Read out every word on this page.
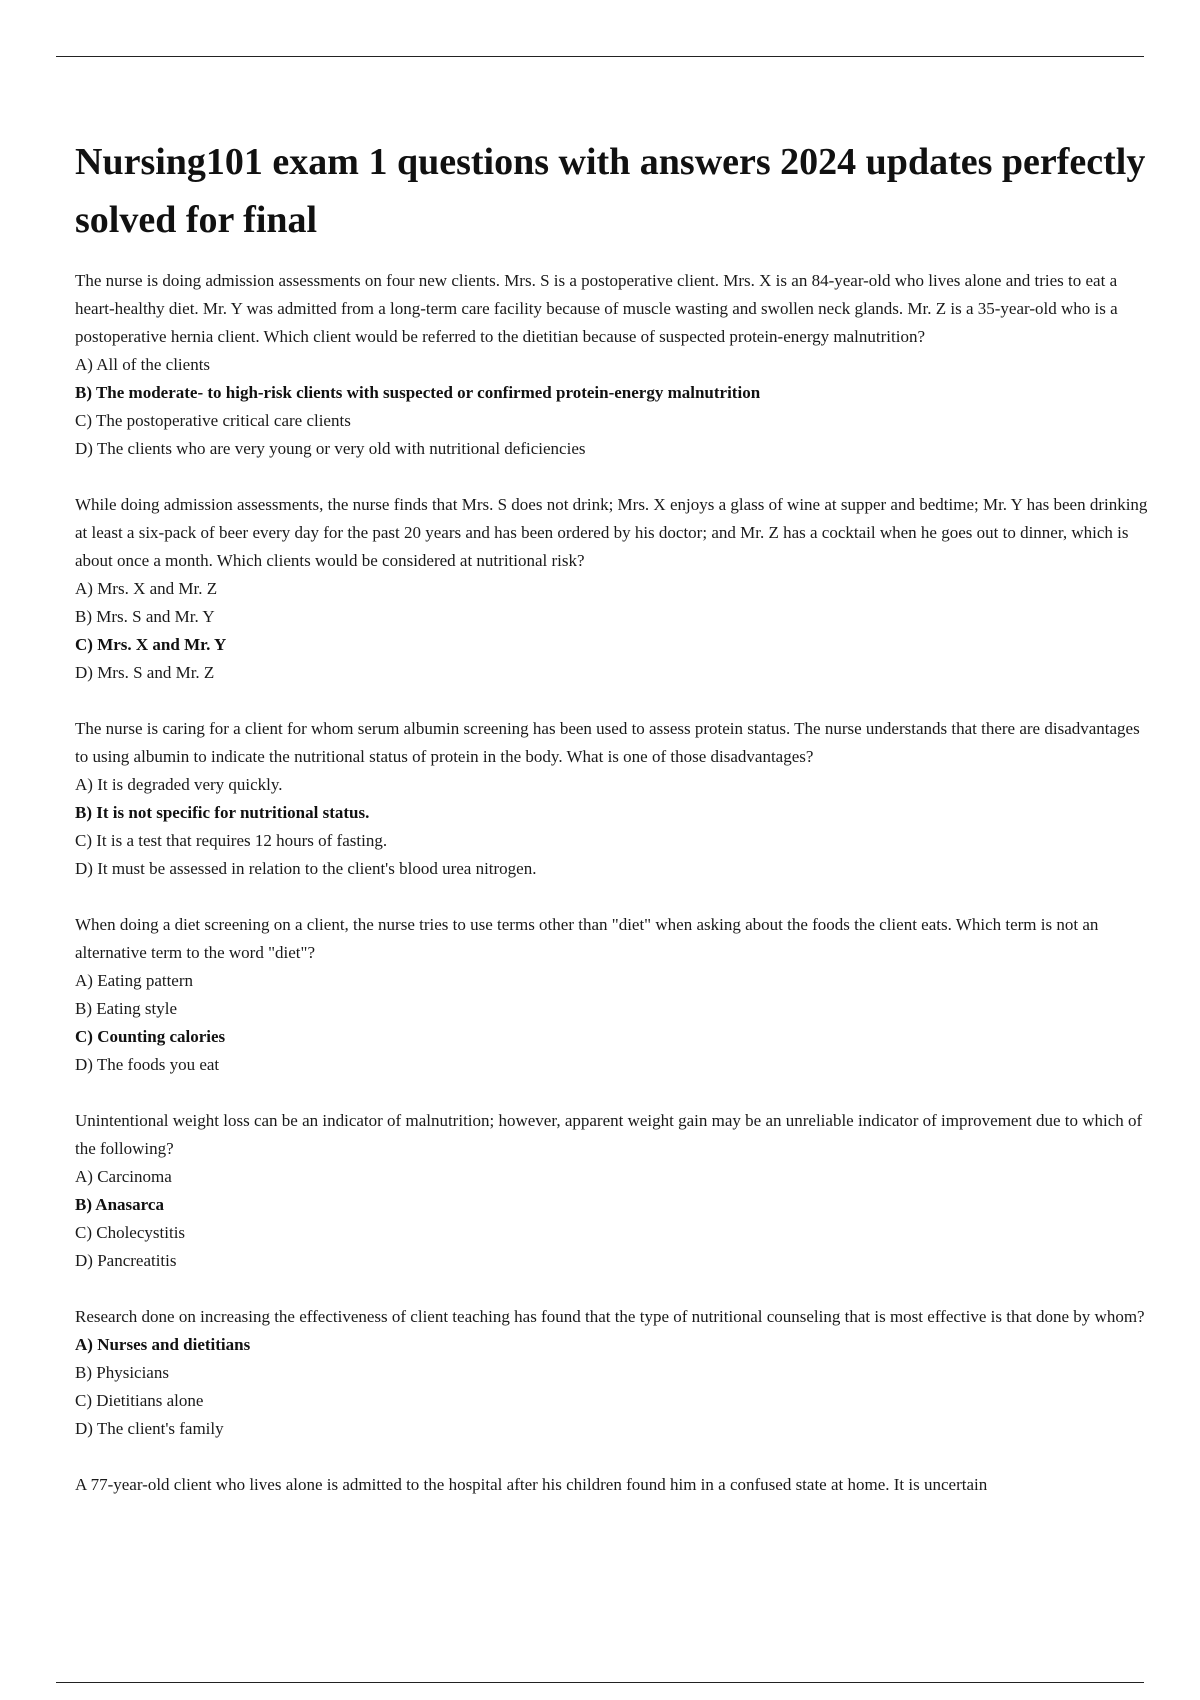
Nursing101 exam 1 questions with answers 2024 updates perfectly solved for final

The nurse is doing admission assessments on four new clients. Mrs. S is a postoperative client. Mrs. X is an 84-year-old who lives alone and tries to eat a heart-healthy diet. Mr. Y was admitted from a long-term care facility because of muscle wasting and swollen neck glands. Mr. Z is a 35-year-old who is a postoperative hernia client. Which client would be referred to the dietitian because of suspected protein-energy malnutrition?

A) All of the clients
B) The moderate- to high-risk clients with suspected or confirmed protein-energy malnutrition
C) The postoperative critical care clients
D) The clients who are very young or very old with nutritional deficiencies

While doing admission assessments, the nurse finds that Mrs. S does not drink; Mrs. X enjoys a glass of wine at supper and bedtime; Mr. Y has been drinking at least a six-pack of beer every day for the past 20 years and has been ordered by his doctor; and Mr. Z has a cocktail when he goes out to dinner, which is about once a month. Which clients would be considered at nutritional risk?

A) Mrs. X and Mr. Z
B) Mrs. S and Mr. Y
C) Mrs. X and Mr. Y
D) Mrs. S and Mr. Z

The nurse is caring for a client for whom serum albumin screening has been used to assess protein status. The nurse understands that there are disadvantages to using albumin to indicate the nutritional status of protein in the body. What is one of those disadvantages?

A) It is degraded very quickly.
B) It is not specific for nutritional status.
C) It is a test that requires 12 hours of fasting.
D) It must be assessed in relation to the client's blood urea nitrogen.

When doing a diet screening on a client, the nurse tries to use terms other than "diet" when asking about the foods the client eats. Which term is not an alternative term to the word "diet"?

A) Eating pattern
B) Eating style
C) Counting calories
D) The foods you eat

Unintentional weight loss can be an indicator of malnutrition; however, apparent weight gain may be an unreliable indicator of improvement due to which of the following?

A) Carcinoma
B) Anasarca
C) Cholecystitis
D) Pancreatitis

Research done on increasing the effectiveness of client teaching has found that the type of nutritional counseling that is most effective is that done by whom?

A) Nurses and dietitians
B) Physicians
C) Dietitians alone
D) The client's family

A 77-year-old client who lives alone is admitted to the hospital after his children found him in a confused state at home. It is uncertain
